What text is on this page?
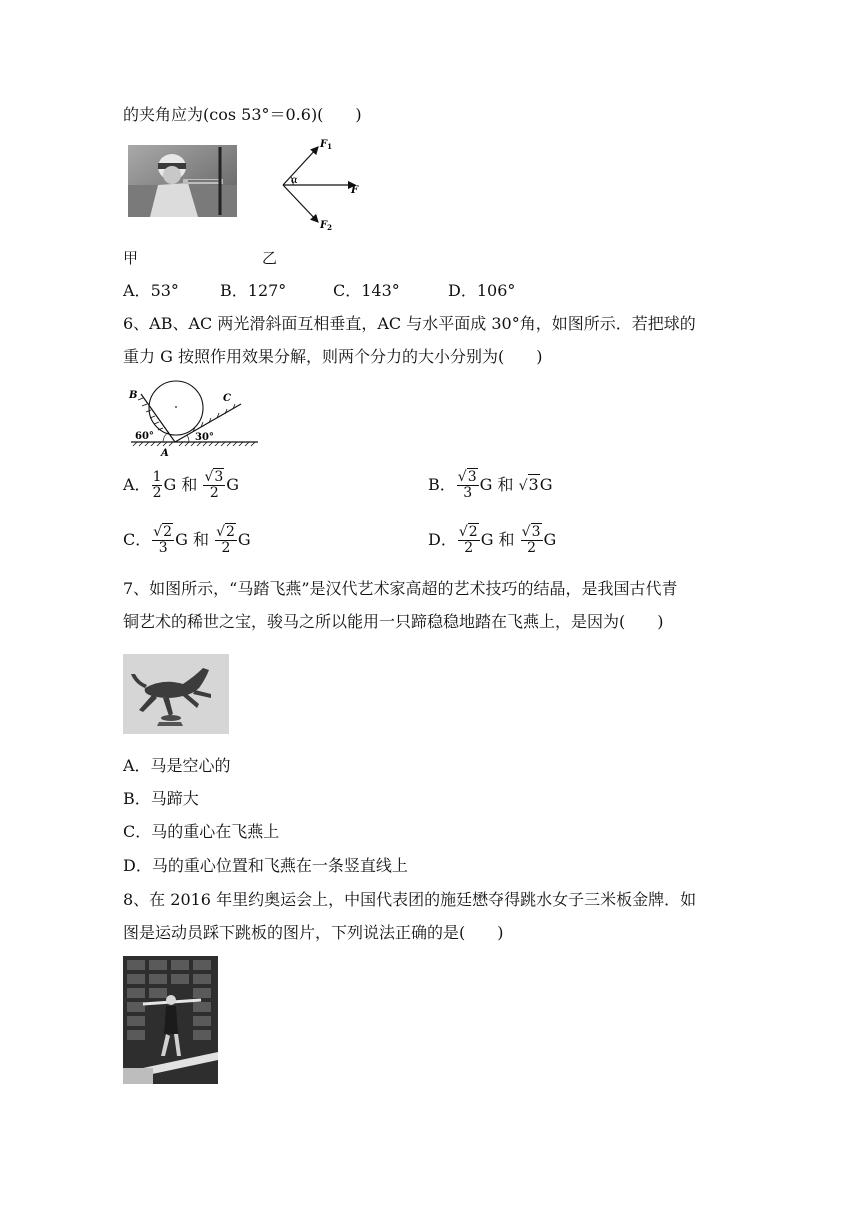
的夹角应为(cos 53°＝0.6)(　　)
α
$F_1$
F
$F_2$
甲	乙
A．53°	B．127°	C．143°	D．106°
6、AB、AC 两光滑斜面互相垂直，AC 与水平面成 30°角，如图所示．若把球的
重力 G 按照作用效果分解，则两个分力的大小分别为(　　)
B	C
A
60°	30°
A． $\frac{1}{2}$ G 和 $\frac{√3}{2}$ G	B． $\frac{√3}{3}$ G 和 √3G
C． $\frac{√2}{3}$ G 和 $\frac{√2}{2}$ G	D． $\frac{√2}{2}$ G 和 $\frac{√3}{2}$ G
7、如图所示，“马踏飞燕”是汉代艺术家高超的艺术技巧的结晶，是我国古代青
铜艺术的稀世之宝，骏马之所以能用一只蹄稳稳地踏在飞燕上，是因为(　　)
A．马是空心的
B．马蹄大
C．马的重心在飞燕上
D．马的重心位置和飞燕在一条竖直线上
8、在 2016 年里约奥运会上，中国代表团的施廷懋夺得跳水女子三米板金牌．如
图是运动员踩下跳板的图片，下列说法正确的是(　　)
